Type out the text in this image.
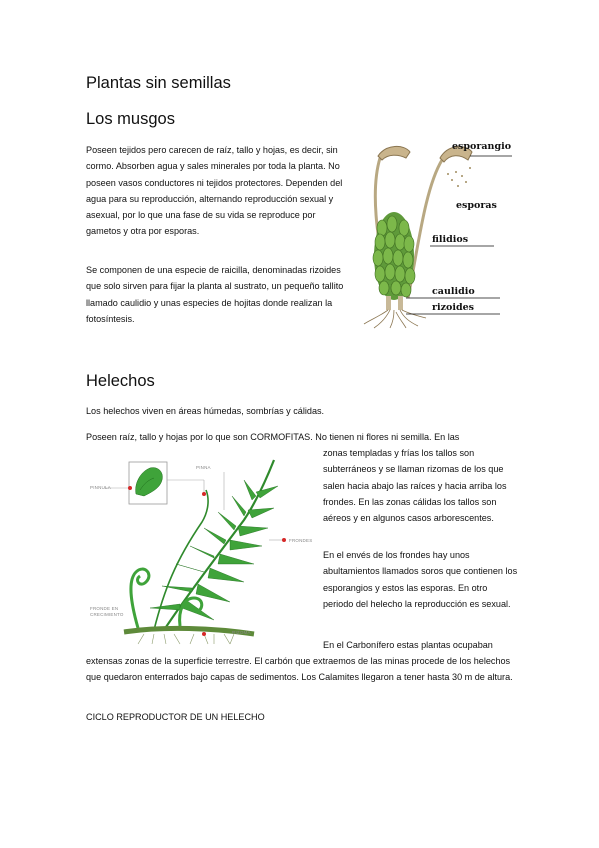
Plantas sin semillas
Los musgos

Poseen tejidos pero carecen de raíz, tallo y hojas, es decir, sin cormo. Absorben agua y sales minerales por toda la planta. No poseen vasos conductores ni tejidos protectores. Dependen del agua para su reproducción, alternando reproducción sexual y asexual, por lo que una fase de su vida se reproduce por gametos y otra por esporas.

Se componen de una especie de raicilla, denominadas rizoides que solo sirven para fijar la planta al sustrato, un pequeño tallito llamado caulidio y unas especies de hojitas donde realizan la fotosíntesis.

esporangio
esporas
filidios
caulidio
rizoides
Helechos

Los helechos viven en áreas húmedas, sombrías y cálidas.

Poseen raíz, tallo y hojas por lo que son CORMOFITAS. No tienen ni flores ni semilla. En las

zonas templadas y frías los tallos son subterráneos y se llaman rizomas de los que salen hacia abajo las raíces y hacia arriba los frondes. En las zonas cálidas los tallos son aéreos y en algunos casos arborescentes.

En el envés de los frondes hay unos abultamientos llamados soros que contienen los esporangios y estos las esporas. En otro periodo del helecho la reproducción es sexual.

En el Carbonífero estas plantas ocupaban

extensas zonas de la superficie terrestre. El carbón que extraemos de las minas procede de los helechos que quedaron enterrados bajo capas de sedimentos. Los Calamites llegaron a tener hasta 30 m de altura.

CICLO REPRODUCTOR DE UN HELECHO

PINNULA
PINNA
FRONDES
FRONDE EN
CRECIMIENTO
RIZOMA
